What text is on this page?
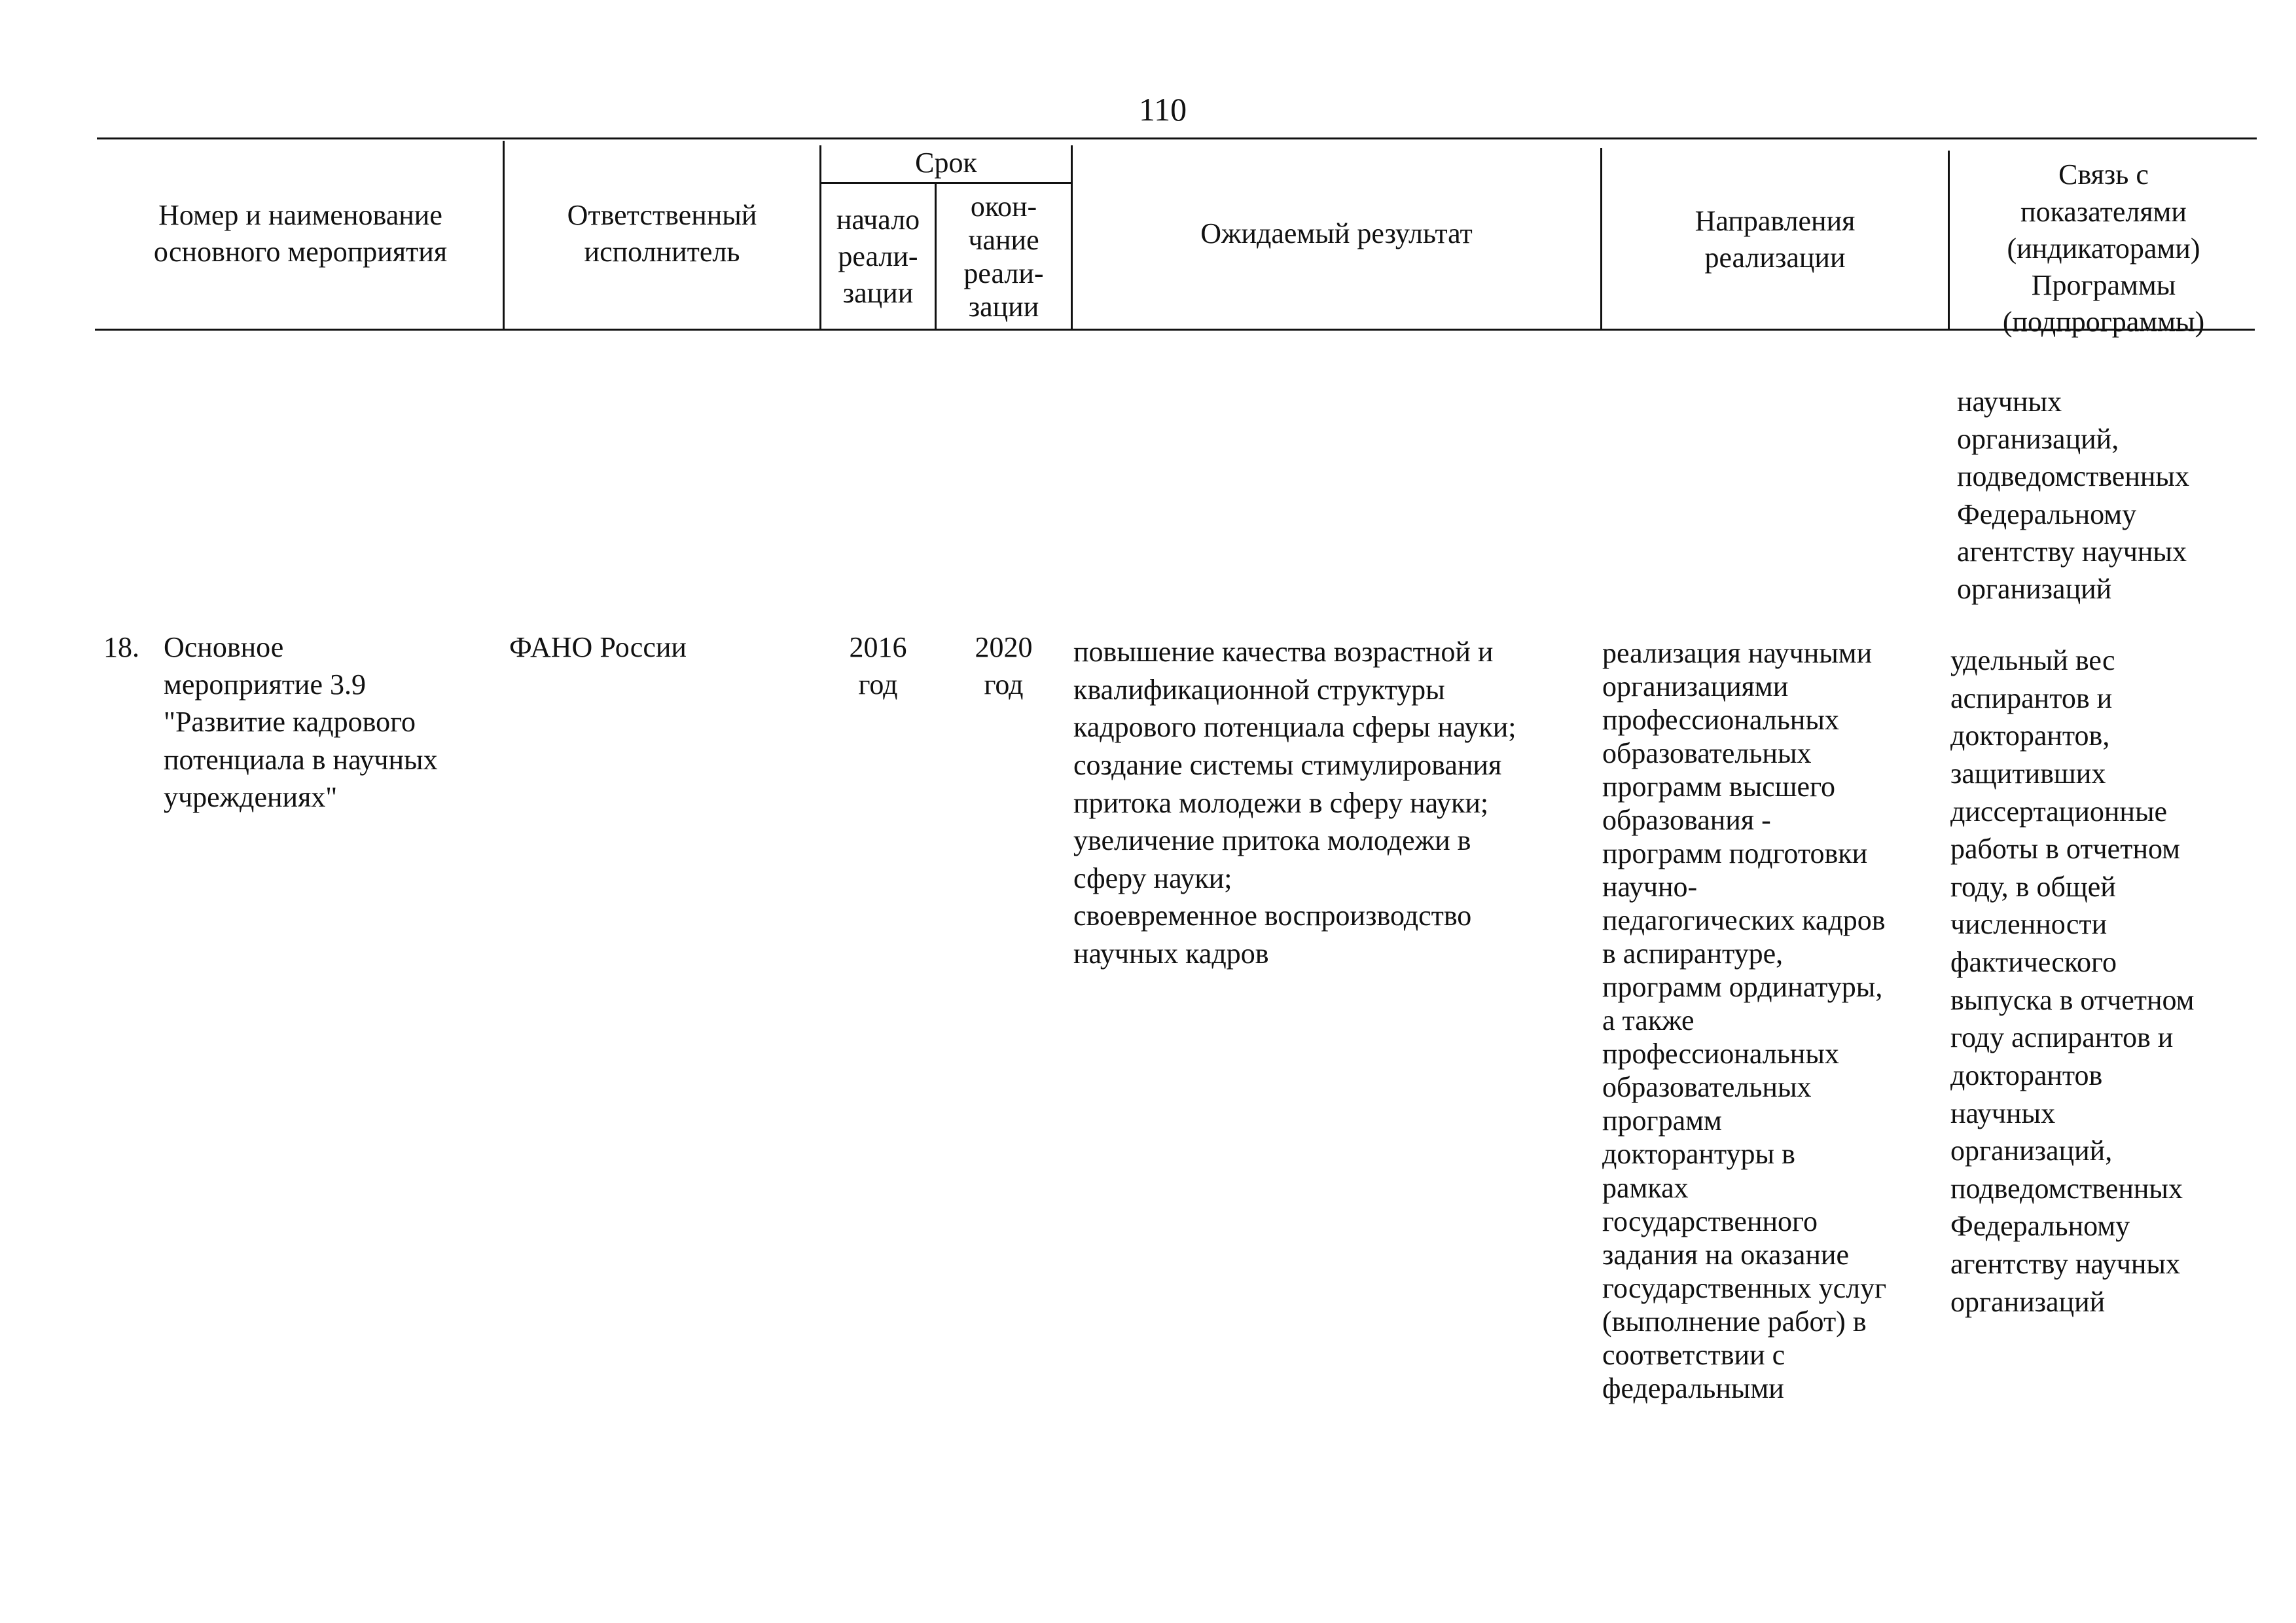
110
Номер и наименование
основного мероприятия
Ответственный
исполнитель
Срок
начало
реали-
зации
окон-
чание
реали-
зации
Ожидаемый результат	Направления
реализации
Связь с
показателями
(индикаторами)
Программы
(подпрограммы)
научных
организаций,
подведомственных
Федеральному
агентству научных
организаций
18. Основное
мероприятие 3.9
"Развитие кадрового
потенциала в научных
учреждениях"
ФАНО России	2016
год
2020
год
повышение качества возрастной и
квалификационной структуры
кадрового потенциала сферы науки;
создание системы стимулирования
притока молодежи в сферу науки;
увеличение притока молодежи в
сферу науки;
своевременное воспроизводство
научных кадров
реализация научными
организациями
профессиональных
образовательных
программ высшего
образования -
программ подготовки
научно-
педагогических кадров
в аспирантуре,
программ ординатуры,
а также
профессиональных
образовательных
программ
докторантуры в
рамках
государственного
задания на оказание
государственных услуг
(выполнение работ) в
соответствии с
федеральными
удельный вес
аспирантов и
докторантов,
защитивших
диссертационные
работы в отчетном
году, в общей
численности
фактического
выпуска в отчетном
году аспирантов и
докторантов
научных
организаций,
подведомственных
Федеральному
агентству научных
организаций
